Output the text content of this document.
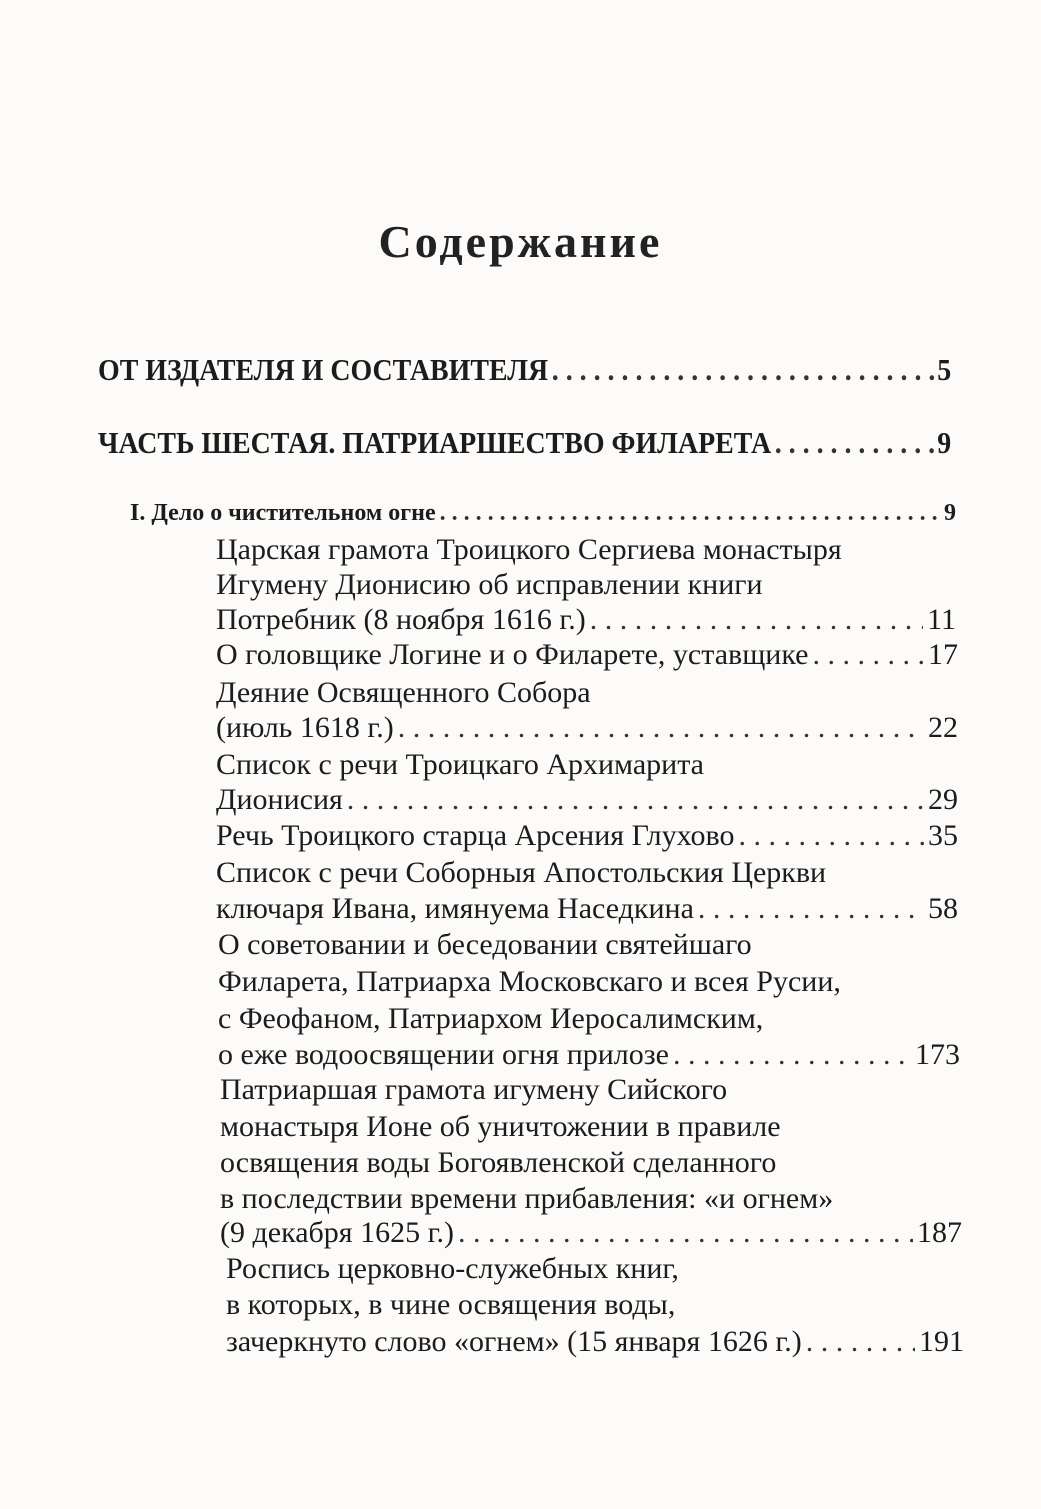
Содержание
ОТ ИЗДАТЕЛЯ И СОСТАВИТЕЛЯ . . .	5
ЧАСТЬ ШЕСТАЯ. ПАТРИАРШЕСТВО ФИЛАРЕТА . . .	9
I. Дело о чистительном огне . . .	9
Царская грамота Троицкого Сергиева монастыря
Игумену Дионисию об исправлении книги
Потребник (8 ноября 1616 г.) . . .	11
О головщике Логине и о Филарете, уставщике . . .	17
Деяние Освященного Собора
(июль 1618 г.) . . .	22
Список с речи Троицкаго Архимарита
Дионисия . . .	29
Речь Троицкого старца Арсения Глухово . . .	35
Список с речи Соборныя Апостольския Церкви
ключаря Ивана, имянуема Наседкина . . .	58
О советовании и беседовании святейшаго
Филарета, Патриарха Московскаго и всея Русии,
с Феофаном, Патриархом Иеросалимским,
о еже водоосвящении огня прилозе . . .	173
Патриаршая грамота игумену Сийского
монастыря Ионе об уничтожении в правиле
освящения воды Богоявленской сделанного
в последствии времени прибавления: «и огнем»
(9 декабря 1625 г.) . . .	187
Роспись церковно-служебных книг,
в которых, в чине освящения воды,
зачеркнуто слово «огнем» (15 января 1626 г.) . . .	191
